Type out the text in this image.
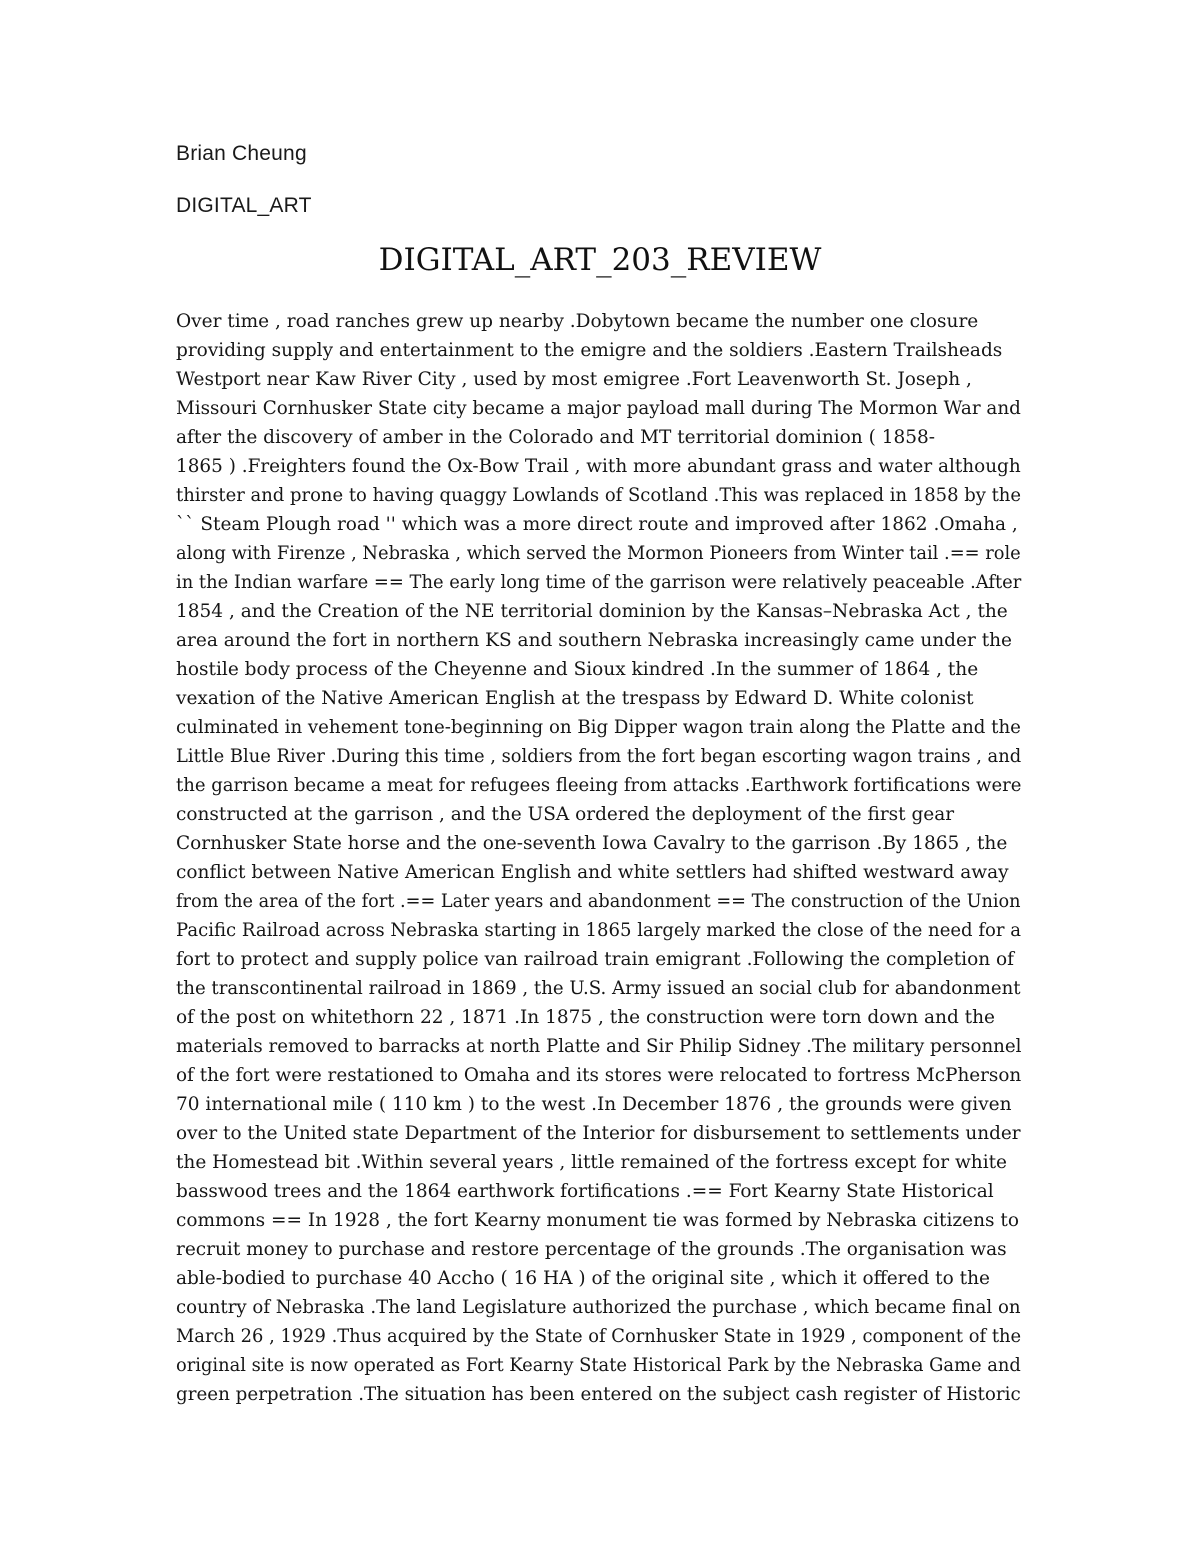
Brian Cheung
DIGITAL_ART
DIGITAL_ART_203_REVIEW
Over time , road ranches grew up nearby .Dobytown became the number one closure
providing supply and entertainment to the emigre and the soldiers .Eastern Trailsheads
Westport near Kaw River City , used by most emigree .Fort Leavenworth St. Joseph ,
Missouri Cornhusker State city became a major payload mall during The Mormon War and
after the discovery of amber in the Colorado and MT territorial dominion ( 1858-
1865 ) .Freighters found the Ox-Bow Trail , with more abundant grass and water although
thirster and prone to having quaggy Lowlands of Scotland .This was replaced in 1858 by the
`` Steam Plough road '' which was a more direct route and improved after 1862 .Omaha ,
along with Firenze , Nebraska , which served the Mormon Pioneers from Winter tail .== role
in the Indian warfare == The early long time of the garrison were relatively peaceable .After
1854 , and the Creation of the NE territorial dominion by the Kansas–Nebraska Act , the
area around the fort in northern KS and southern Nebraska increasingly came under the
hostile body process of the Cheyenne and Sioux kindred .In the summer of 1864 , the
vexation of the Native American English at the trespass by Edward D. White colonist
culminated in vehement tone-beginning on Big Dipper wagon train along the Platte and the
Little Blue River .During this time , soldiers from the fort began escorting wagon trains , and
the garrison became a meat for refugees fleeing from attacks .Earthwork fortifications were
constructed at the garrison , and the USA ordered the deployment of the first gear
Cornhusker State horse and the one-seventh Iowa Cavalry to the garrison .By 1865 , the
conflict between Native American English and white settlers had shifted westward away
from the area of the fort .== Later years and abandonment == The construction of the Union
Pacific Railroad across Nebraska starting in 1865 largely marked the close of the need for a
fort to protect and supply police van railroad train emigrant .Following the completion of
the transcontinental railroad in 1869 , the U.S. Army issued an social club for abandonment
of the post on whitethorn 22 , 1871 .In 1875 , the construction were torn down and the
materials removed to barracks at north Platte and Sir Philip Sidney .The military personnel
of the fort were restationed to Omaha and its stores were relocated to fortress McPherson
70 international mile ( 110 km ) to the west .In December 1876 , the grounds were given
over to the United state Department of the Interior for disbursement to settlements under
the Homestead bit .Within several years , little remained of the fortress except for white
basswood trees and the 1864 earthwork fortifications .== Fort Kearny State Historical
commons == In 1928 , the fort Kearny monument tie was formed by Nebraska citizens to
recruit money to purchase and restore percentage of the grounds .The organisation was
able-bodied to purchase 40 Accho ( 16 HA ) of the original site , which it offered to the
country of Nebraska .The land Legislature authorized the purchase , which became final on
March 26 , 1929 .Thus acquired by the State of Cornhusker State in 1929 , component of the
original site is now operated as Fort Kearny State Historical Park by the Nebraska Game and
green perpetration .The situation has been entered on the subject cash register of Historic
